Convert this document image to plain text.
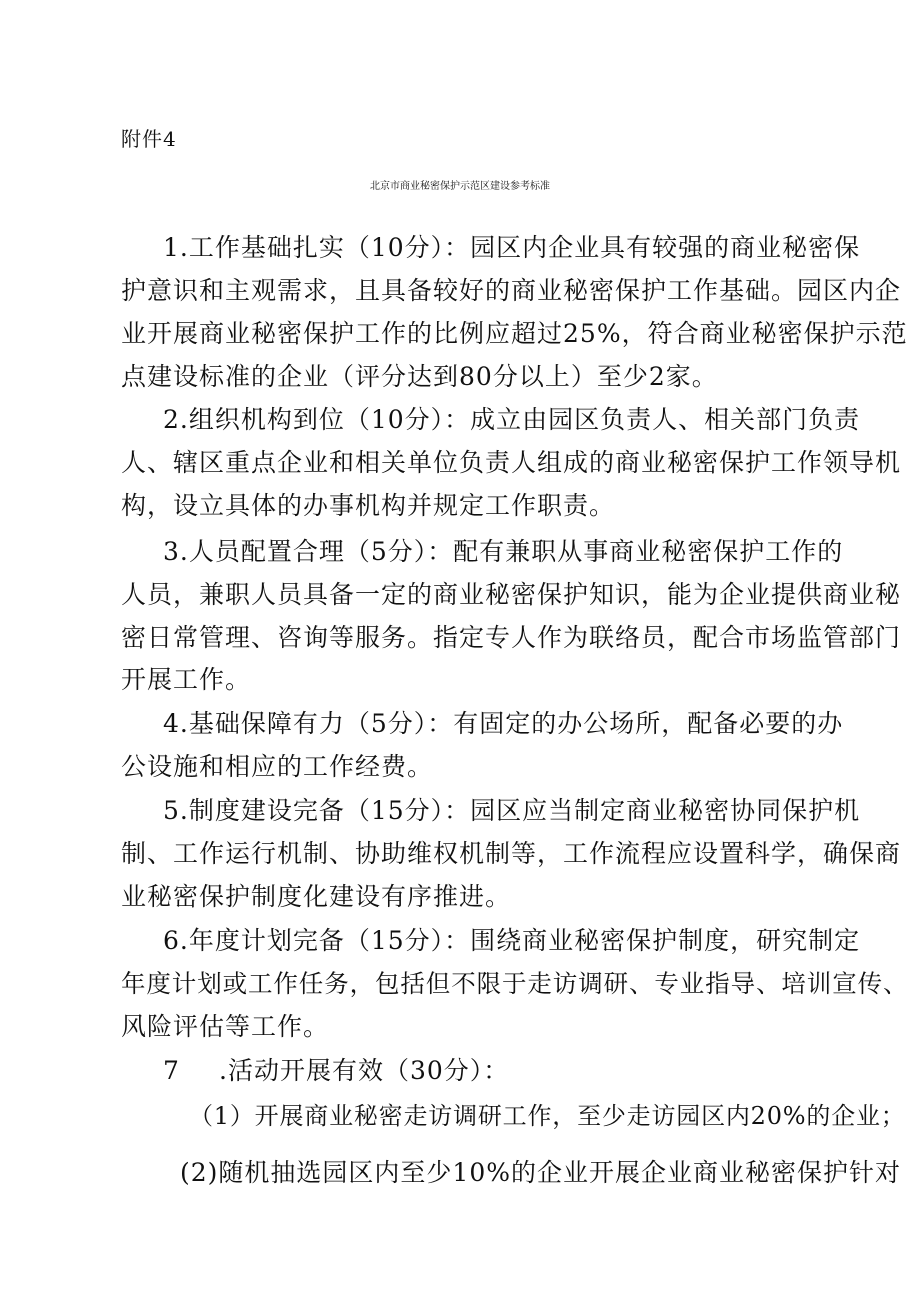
附件4
北京市商业秘密保护示范区建设参考标准
1.工作基础扎实（10分）：园区内企业具有较强的商业秘密保
护意识和主观需求，且具备较好的商业秘密保护工作基础。园区内企
业开展商业秘密保护工作的比例应超过25%，符合商业秘密保护示范
点建设标准的企业（评分达到80分以上）至少2家。
2.组织机构到位（10分）：成立由园区负责人、相关部门负责
人、辖区重点企业和相关单位负责人组成的商业秘密保护工作领导机
构，设立具体的办事机构并规定工作职责。
3.人员配置合理（5分）：配有兼职从事商业秘密保护工作的
人员，兼职人员具备一定的商业秘密保护知识，能为企业提供商业秘
密日常管理、咨询等服务。指定专人作为联络员，配合市场监管部门
开展工作。
4.基础保障有力（5分）：有固定的办公场所，配备必要的办
公设施和相应的工作经费。
5.制度建设完备（15分）：园区应当制定商业秘密协同保护机
制、工作运行机制、协助维权机制等，工作流程应设置科学，确保商
业秘密保护制度化建设有序推进。
6.年度计划完备（15分）：围绕商业秘密保护制度，研究制定
年度计划或工作任务，包括但不限于走访调研、专业指导、培训宣传、
风险评估等工作。
7 .活动开展有效（30分）：
（1）开展商业秘密走访调研工作，至少走访园区内20%的企业；
(2)随机抽选园区内至少10%的企业开展企业商业秘密保护针对
